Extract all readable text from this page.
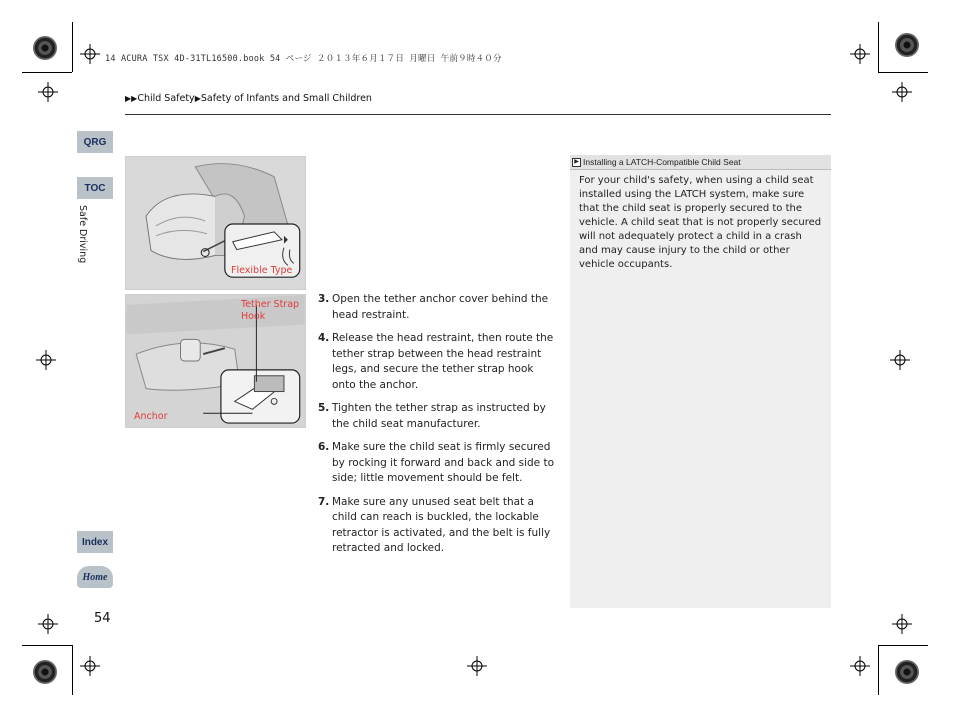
14 ACURA TSX 4D-31TL16500.book 54 ページ ２０１３年６月１７日 月曜日 午前９時４０分
▶▶Child Safety▶Safety of Infants and Small Children
QRG
TOC
Safe Driving
Index
Home
54
Flexible Type
Tether Strap
Hook
Anchor
3. Open the tether anchor cover behind the head restraint.
4. Release the head restraint, then route the tether strap between the head restraint legs, and secure the tether strap hook onto the anchor.
5. Tighten the tether strap as instructed by the child seat manufacturer.
6. Make sure the child seat is firmly secured by rocking it forward and back and side to side; little movement should be felt.
7. Make sure any unused seat belt that a child can reach is buckled, the lockable retractor is activated, and the belt is fully retracted and locked.
▶ Installing a LATCH-Compatible Child Seat
For your child's safety, when using a child seat installed using the LATCH system, make sure that the child seat is properly secured to the vehicle. A child seat that is not properly secured will not adequately protect a child in a crash and may cause injury to the child or other vehicle occupants.
